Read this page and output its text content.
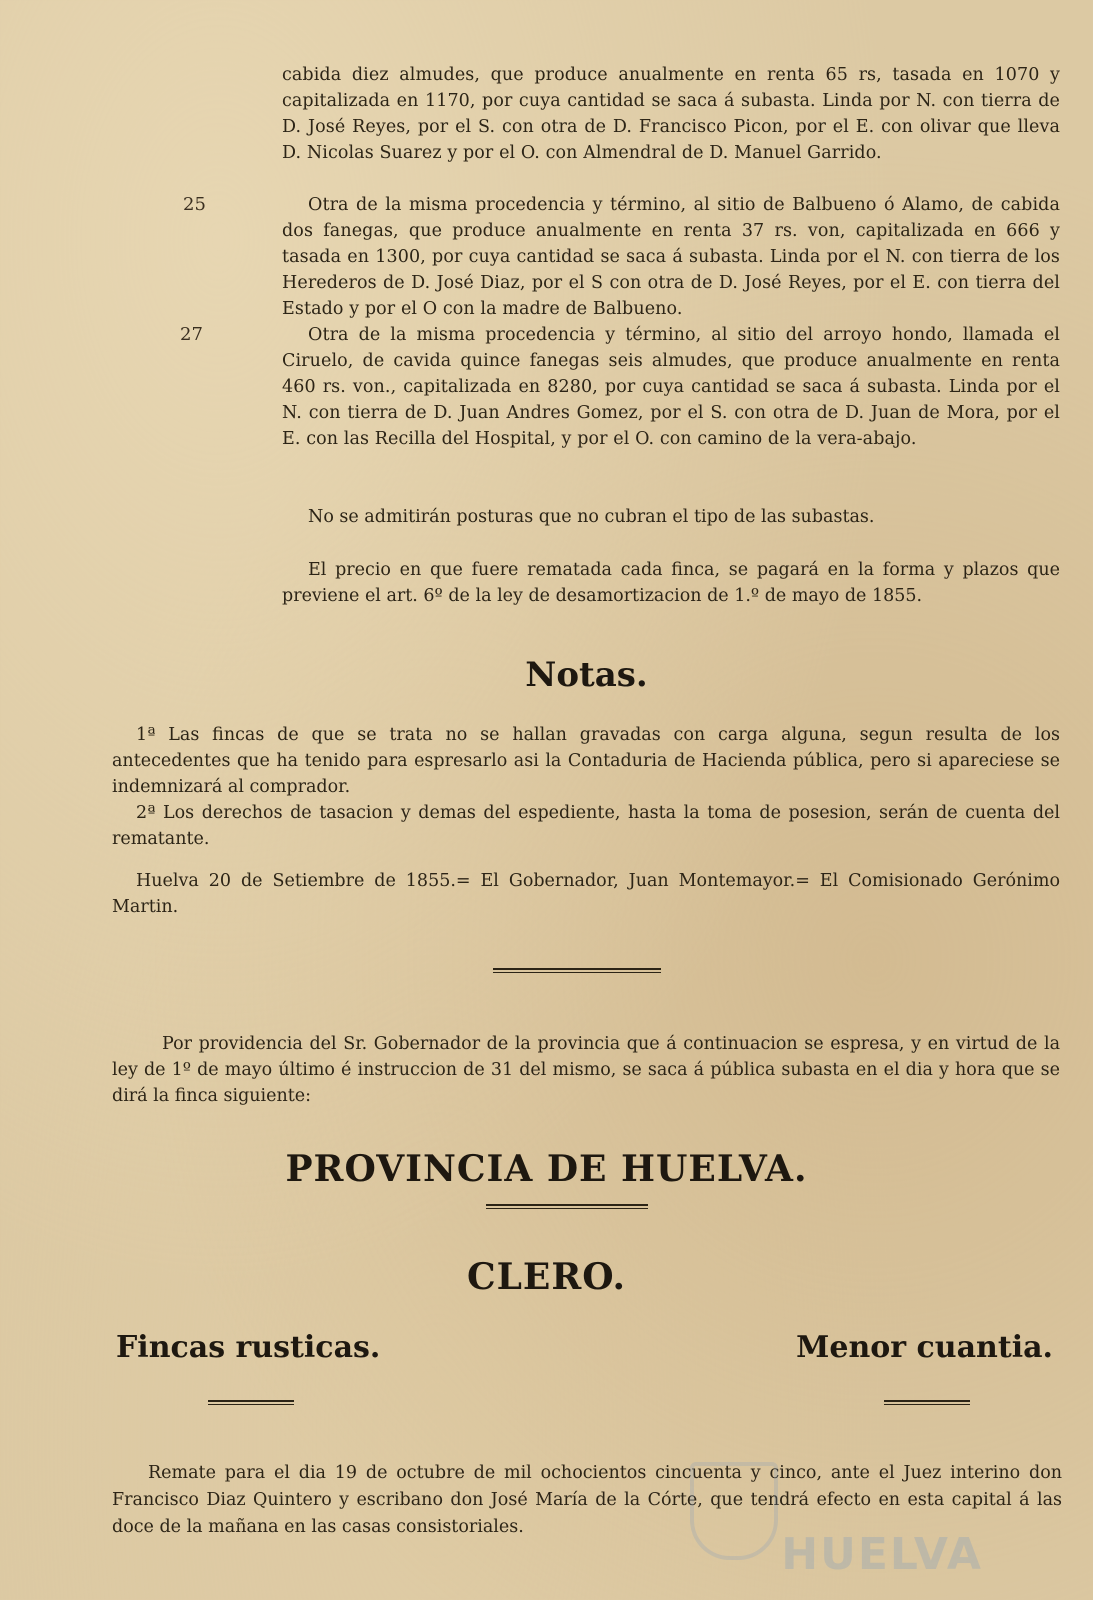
cabida diez almudes, que produce anualmente en renta 65 rs, tasada en 1070 y capitalizada en 1170, por cuya cantidad se saca á subasta. Linda por N. con tierra de D. José Reyes, por el S. con otra de D. Francisco Picon, por el E. con olivar que lleva D. Nicolas Suarez y por el O. con Almendral de D. Manuel Garrido.

25	Otra de la misma procedencia y término, al sitio de Balbueno ó Alamo, de cabida dos fanegas, que produce anualmente en renta 37 rs. von, capitalizada en 666 y tasada en 1300, por cuya cantidad se saca á subasta. Linda por el N. con tierra de los Herederos de D. José Diaz, por el S con otra de D. José Reyes, por el E. con tierra del Estado y por el O con la madre de Balbueno.

27	Otra de la misma procedencia y término, al sitio del arroyo hondo, llamada el Ciruelo, de cavida quince fanegas seis almudes, que produce anualmente en renta 460 rs. von., capitalizada en 8280, por cuya cantidad se saca á subasta. Linda por el N. con tierra de D. Juan Andres Gomez, por el S. con otra de D. Juan de Mora, por el E. con las Recilla del Hospital, y por el O. con camino de la vera-abajo.

No se admitirán posturas que no cubran el tipo de las subastas.

El precio en que fuere rematada cada finca, se pagará en la forma y plazos que previene el art. 6º de la ley de desamortizacion de 1.º de mayo de 1855.

Notas.

1ª Las fincas de que se trata no se hallan gravadas con carga alguna, segun resulta de los antecedentes que ha tenido para espresarlo asi la Contaduria de Hacienda pública, pero si apareciese se indemnizará al comprador.

2ª Los derechos de tasacion y demas del espediente, hasta la toma de posesion, serán de cuenta del rematante.

Huelva 20 de Setiembre de 1855.= El Gobernador, Juan Montemayor.= El Comisionado Gerónimo Martin.

Por providencia del Sr. Gobernador de la provincia que á continuacion se espresa, y en virtud de la ley de 1º de mayo último é instruccion de 31 del mismo, se saca á pública subasta en el dia y hora que se dirá la finca siguiente:

PROVINCIA DE HUELVA.
CLERO.
Fincas rusticas.	Menor cuantia.

Remate para el dia 19 de octubre de mil ochocientos cincuenta y cinco, ante el Juez interino don Francisco Diaz Quintero y escribano don José María de la Córte, que tendrá efecto en esta capital á las doce de la mañana en las casas consistoriales.

HUELVA
